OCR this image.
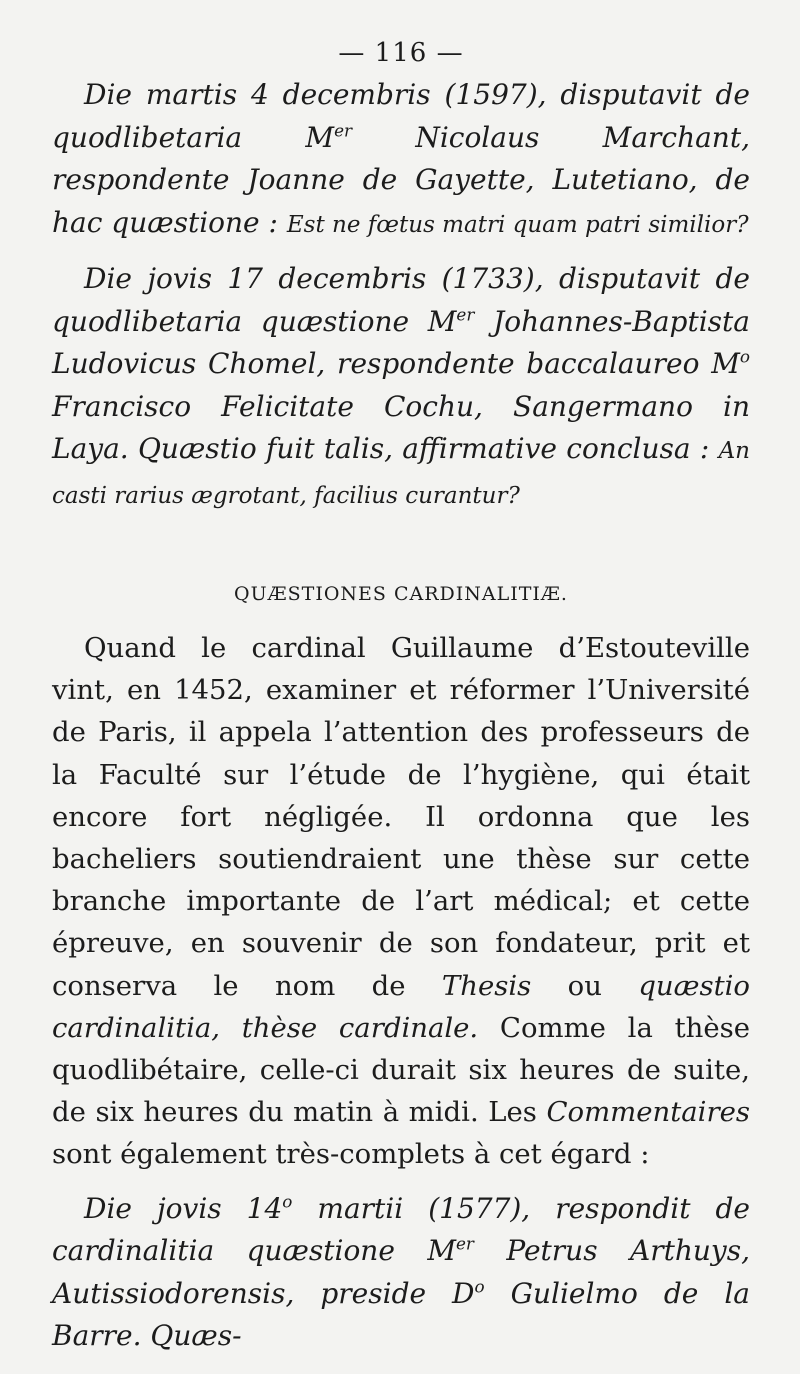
— 116 —

Die martis 4 decembris (1597), disputavit de quodlibetaria Mer Nicolaus Marchant, respondente Joanne de Gayette, Lutetiano, de hac quæstione : Est ne fœtus matri quam patri similior?

Die jovis 17 decembris (1733), disputavit de quodlibetaria quæstione Mer Johannes-Baptista Ludovicus Chomel, respondente baccalaureo $M^o$ Francisco Felicitate Cochu, Sangermano in Laya. Quæstio fuit talis, affirmative conclusa : An casti rarius ægrotant, facilius curantur?

QUÆSTIONES CARDINALITIÆ.

Quand le cardinal Guillaume d’Estouteville vint, en 1452, examiner et réformer l’Université de Paris, il appela l’attention des professeurs de la Faculté sur l’étude de l’hygiène, qui était encore fort négligée. Il ordonna que les bacheliers soutiendraient une thèse sur cette branche importante de l’art médical; et cette épreuve, en souvenir de son fondateur, prit et conserva le nom de Thesis ou quæstio cardinalitia, thèse cardinale. Comme la thèse quodlibétaire, celle-ci durait six heures de suite, de six heures du matin à midi. Les Commentaires sont également très-complets à cet égard :

Die jovis 14$^o$ martii (1577), respondit de cardinalitia quæstione Mer Petrus Arthuys, Autissiodorensis, preside $D^o$ Gulielmo de la Barre. Quæs-
